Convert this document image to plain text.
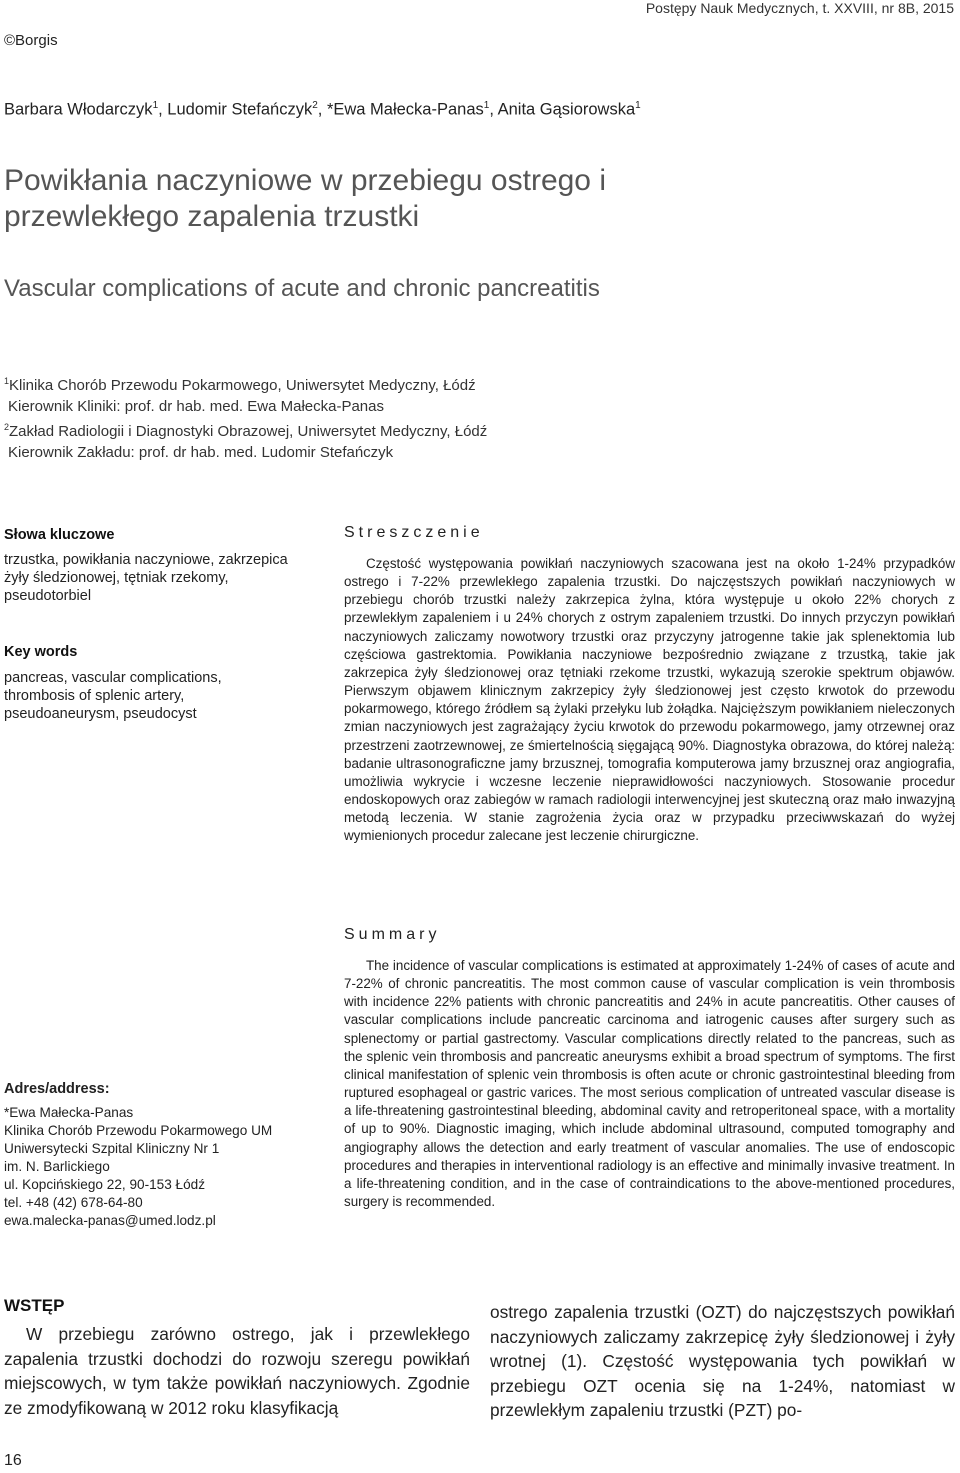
Postępy Nauk Medycznych, t. XXVIII, nr 8B, 2015
©Borgis
Barbara Włodarczyk$^1$, Ludomir Stefańczyk$^2$, *Ewa Małecka-Panas$^1$, Anita Gąsiorowska$^1$
Powikłania naczyniowe w przebiegu ostrego i przewlekłego zapalenia trzustki
Vascular complications of acute and chronic pancreatitis
$^1$Klinika Chorób Przewodu Pokarmowego, Uniwersytet Medyczny, Łódź
Kierownik Kliniki: prof. dr hab. med. Ewa Małecka-Panas
$^2$Zakład Radiologii i Diagnostyki Obrazowej, Uniwersytet Medyczny, Łódź
Kierownik Zakładu: prof. dr hab. med. Ludomir Stefańczyk
Słowa kluczowe
trzustka, powikłania naczyniowe, zakrzepica żyły śledzionowej, tętniak rzekomy, pseudotorbiel
Key words
pancreas, vascular complications, thrombosis of splenic artery, pseudoaneurysm, pseudocyst
Streszczenie

Częstość występowania powikłań naczyniowych szacowana jest na około 1-24% przypadków ostrego i 7-22% przewlekłego zapalenia trzustki. Do najczęstszych powikłań naczyniowych w przebiegu chorób trzustki należy zakrzepica żylna, która występuje u około 22% chorych z przewlekłym zapaleniem i u 24% chorych z ostrym zapaleniem trzustki. Do innych przyczyn powikłań naczyniowych zaliczamy nowotwory trzustki oraz przyczyny jatrogenne takie jak splenektomia lub częściowa gastrektomia. Powikłania naczyniowe bezpośrednio związane z trzustką, takie jak zakrzepica żyły śledzionowej oraz tętniaki rzekome trzustki, wykazują szerokie spektrum objawów. Pierwszym objawem klinicznym zakrzepicy żyły śledzionowej jest często krwotok do przewodu pokarmowego, którego źródłem są żylaki przełyku lub żołądka. Najcięższym powikłaniem nieleczonych zmian naczyniowych jest zagrażający życiu krwotok do przewodu pokarmowego, jamy otrzewnej oraz przestrzeni zaotrzewnowej, ze śmiertelnością sięgającą 90%. Diagnostyka obrazowa, do której należą: badanie ultrasonograficzne jamy brzusznej, tomografia komputerowa jamy brzusznej oraz angiografia, umożliwia wykrycie i wczesne leczenie nieprawidłowości naczyniowych. Stosowanie procedur endoskopowych oraz zabiegów w ramach radiologii interwencyjnej jest skuteczną oraz mało inwazyjną metodą leczenia. W stanie zagrożenia życia oraz w przypadku przeciwwskazań do wyżej wymienionych procedur zalecane jest leczenie chirurgiczne.

Summary

The incidence of vascular complications is estimated at approximately 1-24% of cases of acute and 7-22% of chronic pancreatitis. The most common cause of vascular complication is vein thrombosis with incidence 22% patients with chronic pancreatitis and 24% in acute pancreatitis. Other causes of vascular complications include pancreatic carcinoma and iatrogenic causes after surgery such as splenectomy or partial gastrectomy. Vascular complications directly related to the pancreas, such as the splenic vein thrombosis and pancreatic aneurysms exhibit a broad spectrum of symptoms. The first clinical manifestation of splenic vein thrombosis is often acute or chronic gastrointestinal bleeding from ruptured esophageal or gastric varices. The most serious complication of untreated vascular disease is a life-threatening gastrointestinal bleeding, abdominal cavity and retroperitoneal space, with a mortality of up to 90%. Diagnostic imaging, which include abdominal ultrasound, computed tomography and angiography allows the detection and early treatment of vascular anomalies. The use of endoscopic procedures and therapies in interventional radiology is an effective and minimally invasive treatment. In a life-threatening condition, and in the case of contraindications to the above-mentioned procedures, surgery is recommended.

Adres/address:
*Ewa Małecka-Panas
Klinika Chorób Przewodu Pokarmowego UM
Uniwersytecki Szpital Kliniczny Nr 1
im. N. Barlickiego
ul. Kopcińskiego 22, 90-153 Łódź
tel. +48 (42) 678-64-80
ewa.malecka-panas@umed.lodz.pl
WSTĘP

W przebiegu zarówno ostrego, jak i przewlekłego zapalenia trzustki dochodzi do rozwoju szeregu powikłań miejscowych, w tym także powikłań naczyniowych. Zgodnie ze zmodyfikowaną w 2012 roku klasyfikacją

ostrego zapalenia trzustki (OZT) do najczęstszych powikłań naczyniowych zaliczamy zakrzepicę żyły śledzionowej i żyły wrotnej (1). Częstość występowania tych powikłań w przebiegu OZT ocenia się na 1-24%, natomiast w przewlekłym zapaleniu trzustki (PZT) po-

16
